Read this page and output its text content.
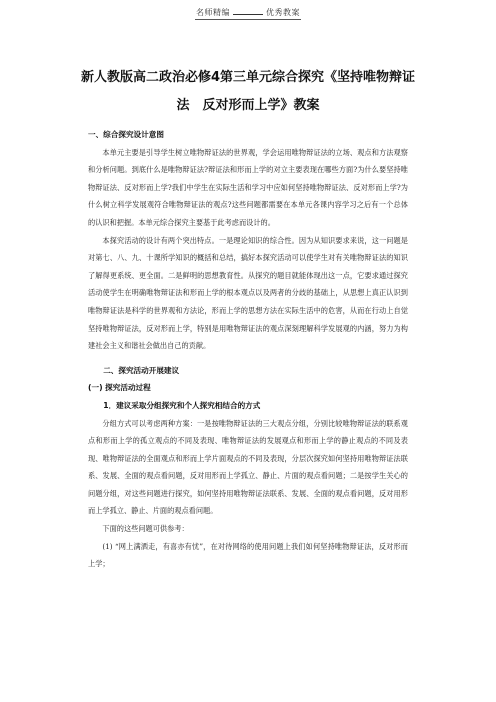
名师精编	优秀教案
新人教版高二政治必修4第三单元综合探究《坚持唯物辩证
法　反对形而上学》教案

一、综合探究设计意图

本单元主要是引导学生树立唯物辩证法的世界观，学会运用唯物辩证法的立场、观点和方法观察和分析问题。到底什么是唯物辩证法?辩证法和形而上学的对立主要表现在哪些方面?为什么要坚持唯物辩证法、反对形而上学?我们中学生在实际生活和学习中应如何坚持唯物辩证法、反对形而上学?为什么树立科学发展观符合唯物辩证法的观点?这些问题都需要在本单元各课内容学习之后有一个总体的认识和把握。本单元综合探究主要基于此考虑而设计的。

本探究活动的设计有两个突出特点。一是理论知识的综合性。因为从知识要求来说，这一问题是对第七、八、九、十课所学知识的概括和总结，搞好本探究活动可以使学生对有关唯物辩证法的知识了解得更系统、更全面。二是鲜明的思想教育性。从探究的题目就能体现出这一点，它要求通过探究活动使学生在明确唯物辩证法和形而上学的根本观点以及两者的分歧的基础上，从思想上真正认识到唯物辩证法是科学的世界观和方法论，形而上学的思想方法在实际生活中的危害，从而在行动上自觉坚持唯物辩证法，反对形而上学，特别是用唯物辩证法的观点深刻理解科学发展观的内涵，努力为构建社会主义和谐社会做出自己的贡献。

二、探究活动开展建议

(一) 探究活动过程

1．建议采取分组探究和个人探究相结合的方式

分组方式可以考虑两种方案：一是按唯物辩证法的三大观点分组，分别比较唯物辩证法的联系观点和形而上学的孤立观点的不同及表现、唯物辩证法的发展观点和形而上学的静止观点的不同及表现、唯物辩证法的全面观点和形而上学片面观点的不同及表现，分层次探究如何坚持用唯物辩证法联系、发展、全面的观点看问题，反对用形而上学孤立、静止、片面的观点看问题；二是按学生关心的问题分组，对这些问题进行探究，如何坚持用唯物辩证法联系、发展、全面的观点看问题，反对用形而上学孤立、静止、片面的观点看问题。

下面的这些问题可供参考：

(1) “网上满洒走，有喜亦有忧”，在对待网络的使用问题上我们如何坚持唯物辩证法，反对形而上学；
